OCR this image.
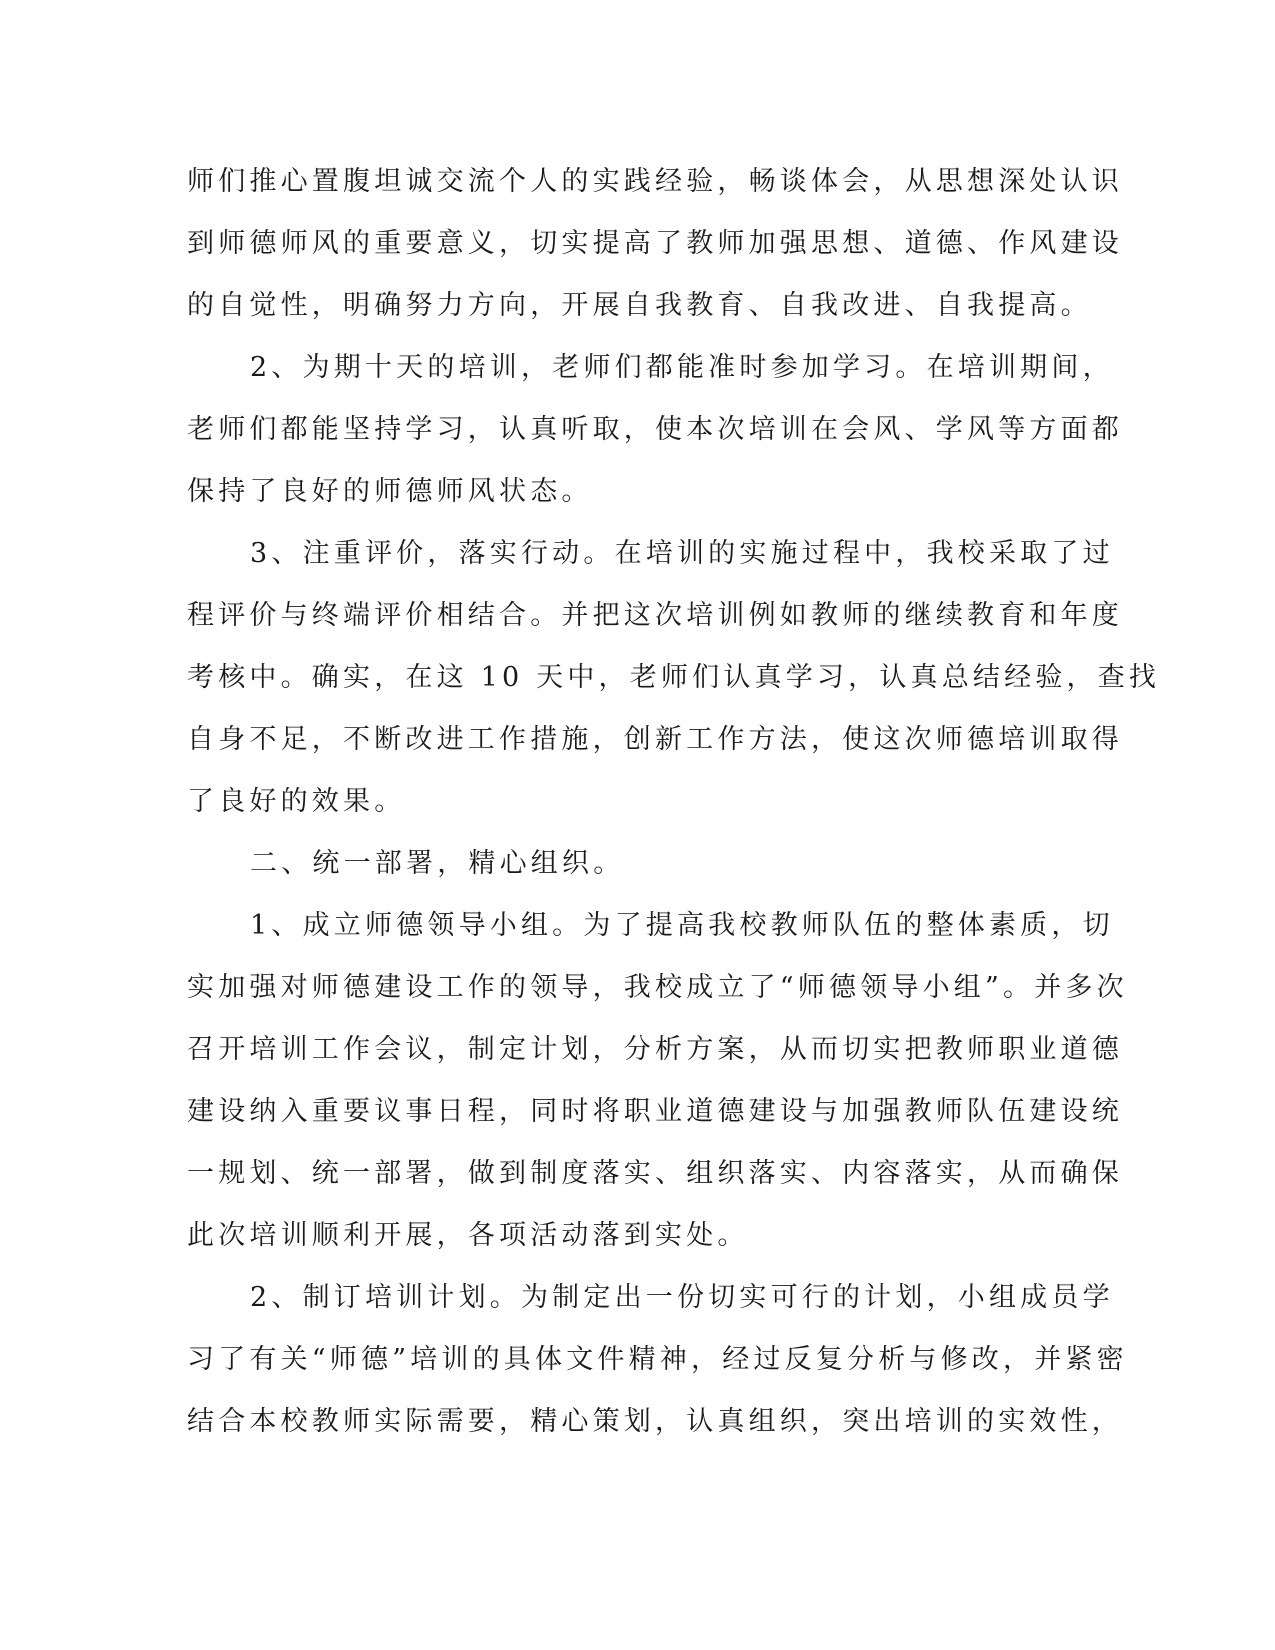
师们推心置腹坦诚交流个人的实践经验，畅谈体会，从思想深处认识
到师德师风的重要意义，切实提高了教师加强思想、道德、作风建设
的自觉性，明确努力方向，开展自我教育、自我改进、自我提高。
2、为期十天的培训，老师们都能准时参加学习。在培训期间，
老师们都能坚持学习，认真听取，使本次培训在会风、学风等方面都
保持了良好的师德师风状态。
3、注重评价，落实行动。在培训的实施过程中，我校采取了过
程评价与终端评价相结合。并把这次培训例如教师的继续教育和年度
考核中。确实，在这 10 天中，老师们认真学习，认真总结经验，查找
自身不足，不断改进工作措施，创新工作方法，使这次师德培训取得
了良好的效果。
二、统一部署，精心组织。
1、成立师德领导小组。为了提高我校教师队伍的整体素质，切
实加强对师德建设工作的领导，我校成立了“师德领导小组”。并多次
召开培训工作会议，制定计划，分析方案，从而切实把教师职业道德
建设纳入重要议事日程，同时将职业道德建设与加强教师队伍建设统
一规划、统一部署，做到制度落实、组织落实、内容落实，从而确保
此次培训顺利开展，各项活动落到实处。
2、制订培训计划。为制定出一份切实可行的计划，小组成员学
习了有关“师德”培训的具体文件精神，经过反复分析与修改，并紧密
结合本校教师实际需要，精心策划，认真组织，突出培训的实效性，
